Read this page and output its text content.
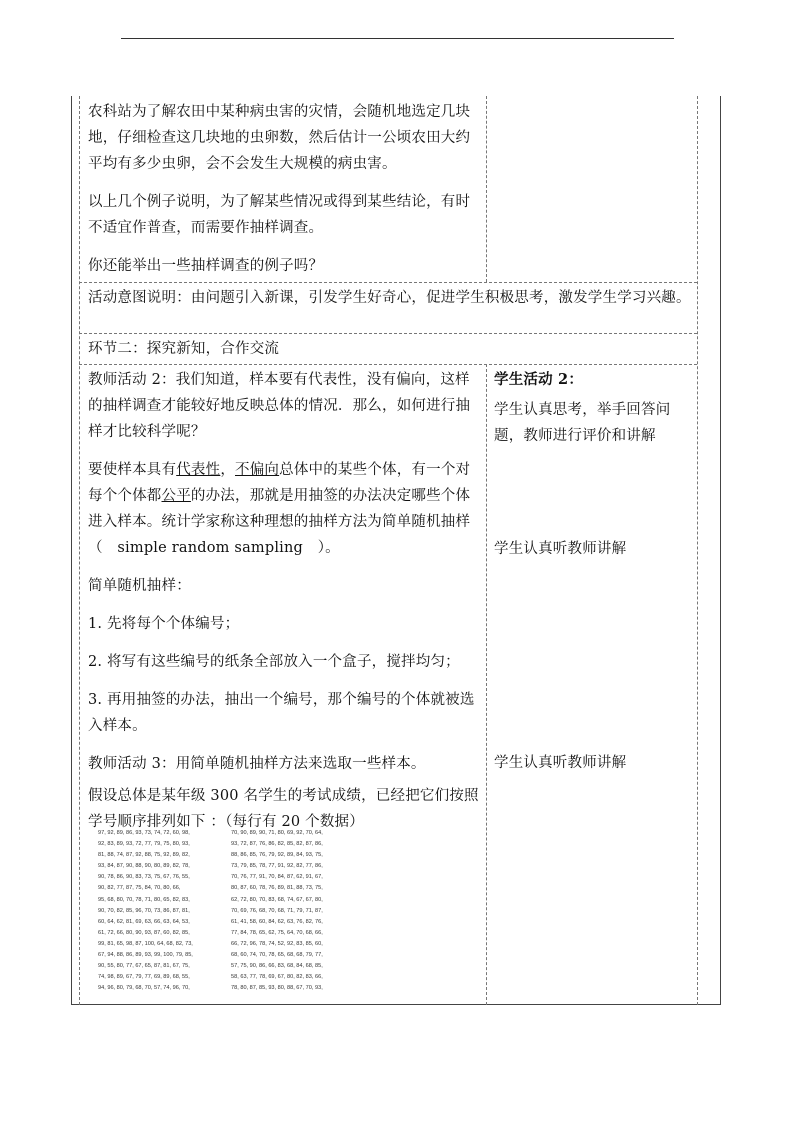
农科站为了解农田中某种病虫害的灾情，会随机地选定几块地，仔细检查这几块地的虫卵数，然后估计一公顷农田大约平均有多少虫卵，会不会发生大规模的病虫害。

以上几个例子说明，为了解某些情况或得到某些结论，有时不适宜作普查，而需要作抽样调查。

你还能举出一些抽样调查的例子吗？

活动意图说明：由问题引入新课，引发学生好奇心，促进学生积极思考，激发学生学习兴趣。
环节二：探究新知，合作交流

教师活动 2：我们知道，样本要有代表性，没有偏向，这样的抽样调查才能较好地反映总体的情况．那么，如何进行抽样才比较科学呢？

要使样本具有代表性，不偏向总体中的某些个体，有一个对每个个体都公平的办法，那就是用抽签的办法决定哪些个体进入样本。统计学家称这种理想的抽样方法为简单随机抽样（　simple random sampling　）。

简单随机抽样：

1. 先将每个个体编号；

2. 将写有这些编号的纸条全部放入一个盒子，搅拌均匀；

3. 再用抽签的办法，抽出一个编号，那个编号的个体就被选入样本。

教师活动 3：用简单随机抽样方法来选取一些样本。

假设总体是某年级 300 名学生的考试成绩，已经把它们按照学号顺序排列如下 ：（每行有 20 个数据）

学生活动 2：
学生认真思考，举手回答问题，教师进行评价和讲解
学生认真听教师讲解
学生认真听教师讲解
97, 92, 89, 86, 93, 73, 74, 72, 60, 98,
92, 83, 89, 93, 72, 77, 79, 75, 80, 93,
81, 88, 74, 87, 92, 88, 75, 92, 89, 82,
93, 84, 87, 90, 88, 90, 80, 89, 82, 78,
90, 78, 86, 90, 83, 73, 75, 67, 76, 55,
90, 82, 77, 87, 75, 84, 70, 80, 66,
95, 68, 80, 70, 78, 71, 80, 65, 82, 83,
90, 70, 82, 85, 96, 70, 73, 86, 87, 81,
60, 64, 62, 81, 69, 63, 66, 63, 64, 53,
61, 72, 66, 80, 90, 93, 87, 60, 82, 85,
99, 81, 65, 98, 87, 100, 64, 68, 82, 73,
67, 94, 88, 86, 89, 93, 99, 100, 79, 85,
90, 55, 80, 77, 67, 65, 87, 81, 67, 75,
74, 98, 89, 67, 79, 77, 69, 89, 68, 55,
94, 96, 80, 79, 68, 70, 57, 74, 96, 70,
70, 90, 89, 90, 71, 80, 69, 92, 70, 64,
93, 72, 87, 76, 86, 82, 85, 82, 87, 86,
88, 86, 85, 76, 79, 92, 89, 84, 93, 75,
73, 79, 85, 78, 77, 91, 92, 82, 77, 86,
70, 76, 77, 91, 70, 84, 87, 62, 91, 67,
80, 87, 60, 78, 76, 89, 81, 88, 73, 75,
62, 72, 80, 70, 83, 68, 74, 67, 67, 80,
70, 69, 76, 68, 70, 68, 71, 79, 71, 87,
61, 41, 58, 60, 84, 62, 63, 76, 82, 76,
77, 84, 78, 65, 62, 75, 64, 70, 68, 66,
66, 72, 96, 78, 74, 52, 92, 83, 85, 60,
68, 60, 74, 70, 78, 65, 68, 68, 79, 77,
57, 75, 90, 86, 66, 83, 68, 84, 68, 85,
58, 63, 77, 78, 69, 67, 80, 82, 83, 66,
78, 80, 87, 85, 93, 80, 88, 67, 70, 93,
